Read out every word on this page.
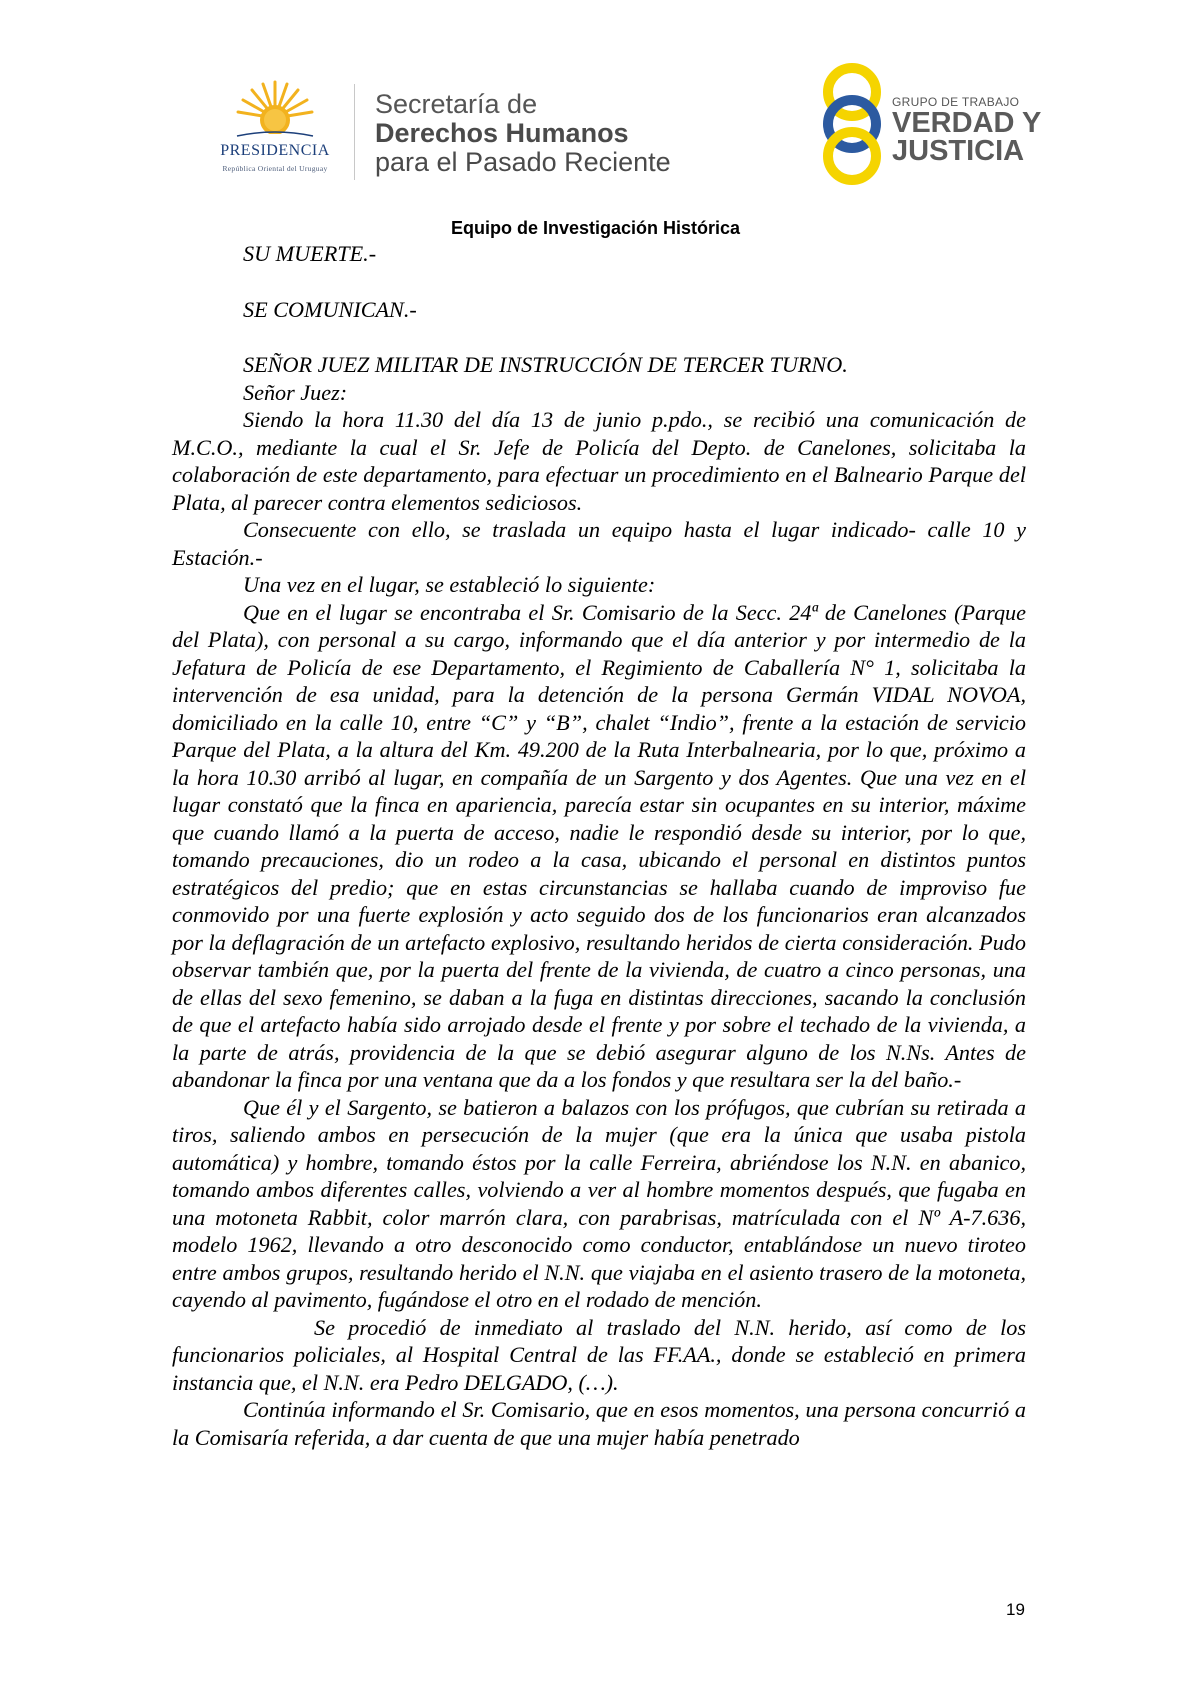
PRESIDENCIA
República Oriental del Uruguay
Secretaría de
Derechos Humanos
para el Pasado Reciente
GRUPO DE TRABAJO
VERDAD Y
JUSTICIA
Equipo de Investigación Histórica

SU MUERTE.-

SE COMUNICAN.-

SEÑOR JUEZ MILITAR DE INSTRUCCIÓN DE TERCER TURNO.

Señor Juez:

Siendo la hora 11.30 del día 13 de junio p.pdo., se recibió una comunicación de M.C.O., mediante la cual el Sr. Jefe de Policía del Depto. de Canelones, solicitaba la colaboración de este departamento, para efectuar un procedimiento en el Balneario Parque del Plata, al parecer contra elementos sediciosos.

Consecuente con ello, se traslada un equipo hasta el lugar indicado- calle 10 y Estación.-

Una vez en el lugar, se estableció lo siguiente:

Que en el lugar se encontraba el Sr. Comisario de la Secc. 24ª de Canelones (Parque del Plata), con personal a su cargo, informando que el día anterior y por intermedio de la Jefatura de Policía de ese Departamento, el Regimiento de Caballería N° 1, solicitaba la intervención de esa unidad, para la detención de la persona Germán VIDAL NOVOA, domiciliado en la calle 10, entre “C” y “B”, chalet “Indio”, frente a la estación de servicio Parque del Plata, a la altura del Km. 49.200 de la Ruta Interbalnearia, por lo que, próximo a la hora 10.30 arribó al lugar, en compañía de un Sargento y dos Agentes. Que una vez en el lugar constató que la finca en apariencia, parecía estar sin ocupantes en su interior, máxime que cuando llamó a la puerta de acceso, nadie le respondió desde su interior, por lo que, tomando precauciones, dio un rodeo a la casa, ubicando el personal en distintos puntos estratégicos del predio; que en estas circunstancias se hallaba cuando de improviso fue conmovido por una fuerte explosión y acto seguido dos de los funcionarios eran alcanzados por la deflagración de un artefacto explosivo, resultando heridos de cierta consideración. Pudo observar también que, por la puerta del frente de la vivienda, de cuatro a cinco personas, una de ellas del sexo femenino, se daban a la fuga en distintas direcciones, sacando la conclusión de que el artefacto había sido arrojado desde el frente y por sobre el techado de la vivienda, a la parte de atrás, providencia de la que se debió asegurar alguno de los N.Ns. Antes de abandonar la finca por una ventana que da a los fondos y que resultara ser la del baño.-

Que él y el Sargento, se batieron a balazos con los prófugos, que cubrían su retirada a tiros, saliendo ambos en persecución de la mujer (que era la única que usaba pistola automática) y hombre, tomando éstos por la calle Ferreira, abriéndose los N.N. en abanico, tomando ambos diferentes calles, volviendo a ver al hombre momentos después, que fugaba en una motoneta Rabbit, color marrón clara, con parabrisas, matrículada con el Nº A-7.636, modelo 1962, llevando a otro desconocido como conductor, entablándose un nuevo tiroteo entre ambos grupos, resultando herido el N.N. que viajaba en el asiento trasero de la motoneta, cayendo al pavimento, fugándose el otro en el rodado de mención.

Se procedió de inmediato al traslado del N.N. herido, así como de los funcionarios policiales, al Hospital Central de las FF.AA., donde se estableció en primera instancia que, el N.N. era Pedro DELGADO, (…).

Continúa informando el Sr. Comisario, que en esos momentos, una persona concurrió a la Comisaría referida, a dar cuenta de que una mujer había penetrado

19
